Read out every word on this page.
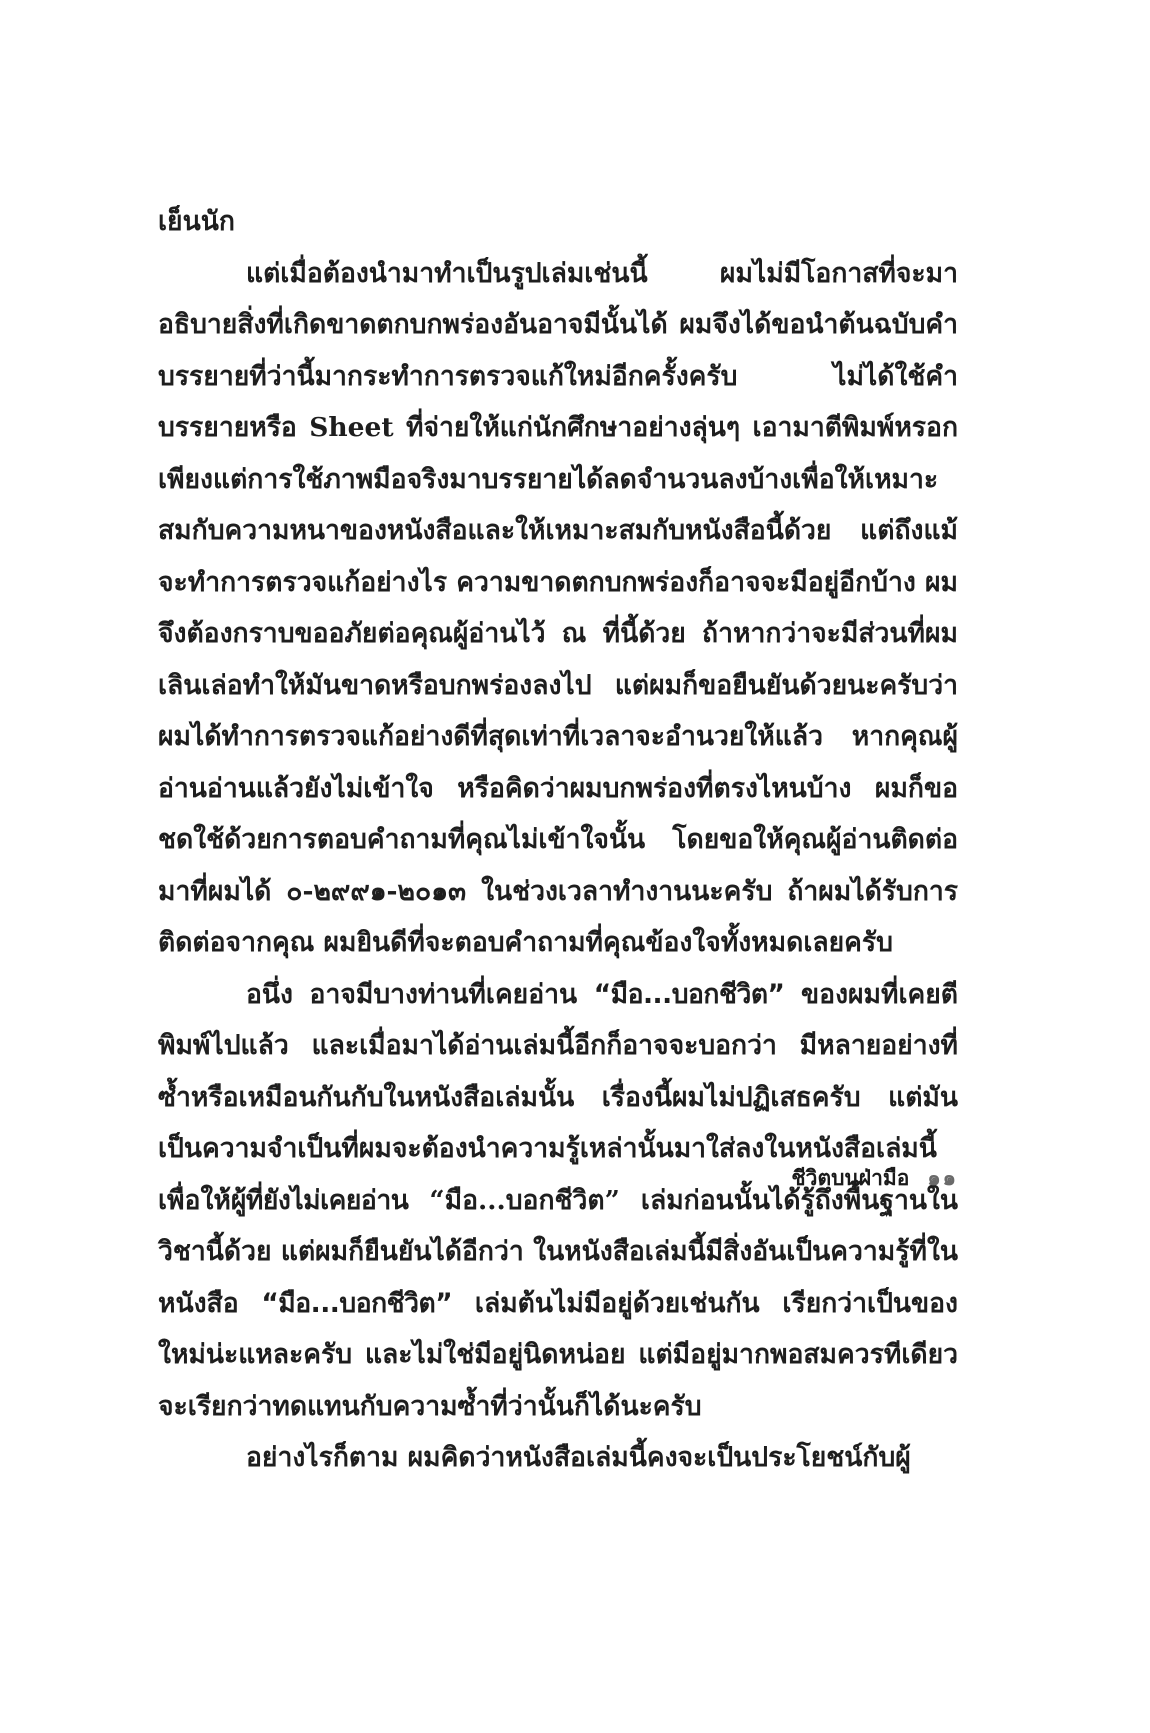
เย็นนัก

แต่เมื่อต้องนำมาทำเป็นรูปเล่มเช่นนี้ ผมไม่มีโอกาสที่จะมาอธิบายสิ่งที่เกิดขาดตกบกพร่องอันอาจมีนั้นได้ ผมจึงได้ขอนำต้นฉบับคำบรรยายที่ว่านี้มากระทำการตรวจแก้ใหม่อีกครั้งครับ ไม่ได้ใช้คำบรรยายหรือ Sheet ที่จ่ายให้แก่นักศึกษาอย่างลุ่นๆ เอามาตีพิมพ์หรอก เพียงแต่การใช้ภาพมือจริงมาบรรยายได้ลดจำนวนลงบ้างเพื่อให้เหมาะสมกับความหนาของหนังสือและให้เหมาะสมกับหนังสือนี้ด้วย แต่ถึงแม้จะทำการตรวจแก้อย่างไร ความขาดตกบกพร่องก็อาจจะมีอยู่อีกบ้าง ผมจึงต้องกราบขออภัยต่อคุณผู้อ่านไว้ ณ ที่นี้ด้วย ถ้าหากว่าจะมีส่วนที่ผมเลินเล่อทำให้มันขาดหรือบกพร่องลงไป แต่ผมก็ขอยืนยันด้วยนะครับว่า ผมได้ทำการตรวจแก้อย่างดีที่สุดเท่าที่เวลาจะอำนวยให้แล้ว หากคุณผู้อ่านอ่านแล้วยังไม่เข้าใจ หรือคิดว่าผมบกพร่องที่ตรงไหนบ้าง ผมก็ขอชดใช้ด้วยการตอบคำถามที่คุณไม่เข้าใจนั้น โดยขอให้คุณผู้อ่านติดต่อมาที่ผมได้ ๐-๒๙๙๑-๒๐๑๓ ในช่วงเวลาทำงานนะครับ ถ้าผมได้รับการติดต่อจากคุณ ผมยินดีที่จะตอบคำถามที่คุณข้องใจทั้งหมดเลยครับ

อนึ่ง อาจมีบางท่านที่เคยอ่าน “มือ...บอกชีวิต” ของผมที่เคยตีพิมพ์ไปแล้ว และเมื่อมาได้อ่านเล่มนี้อีกก็อาจจะบอกว่า มีหลายอย่างที่ซ้ำหรือเหมือนกันกับในหนังสือเล่มนั้น เรื่องนี้ผมไม่ปฏิเสธครับ แต่มันเป็นความจำเป็นที่ผมจะต้องนำความรู้เหล่านั้นมาใส่ลงในหนังสือเล่มนี้เพื่อให้ผู้ที่ยังไม่เคยอ่าน “มือ...บอกชีวิต” เล่มก่อนนั้นได้รู้ถึงพื้นฐานในวิชานี้ด้วย แต่ผมก็ยืนยันได้อีกว่า ในหนังสือเล่มนี้มีสิ่งอันเป็นความรู้ที่ในหนังสือ “มือ...บอกชีวิต” เล่มต้นไม่มีอยู่ด้วยเช่นกัน เรียกว่าเป็นของใหม่น่ะแหละครับ และไม่ใช่มีอยู่นิดหน่อย แต่มีอยู่มากพอสมควรทีเดียว จะเรียกว่าทดแทนกับความซ้ำที่ว่านั้นก็ได้นะครับ

อย่างไรก็ตาม ผมคิดว่าหนังสือเล่มนี้คงจะเป็นประโยชน์กับผู้

ชีวิตบนฝ่ามือ ๑๑
